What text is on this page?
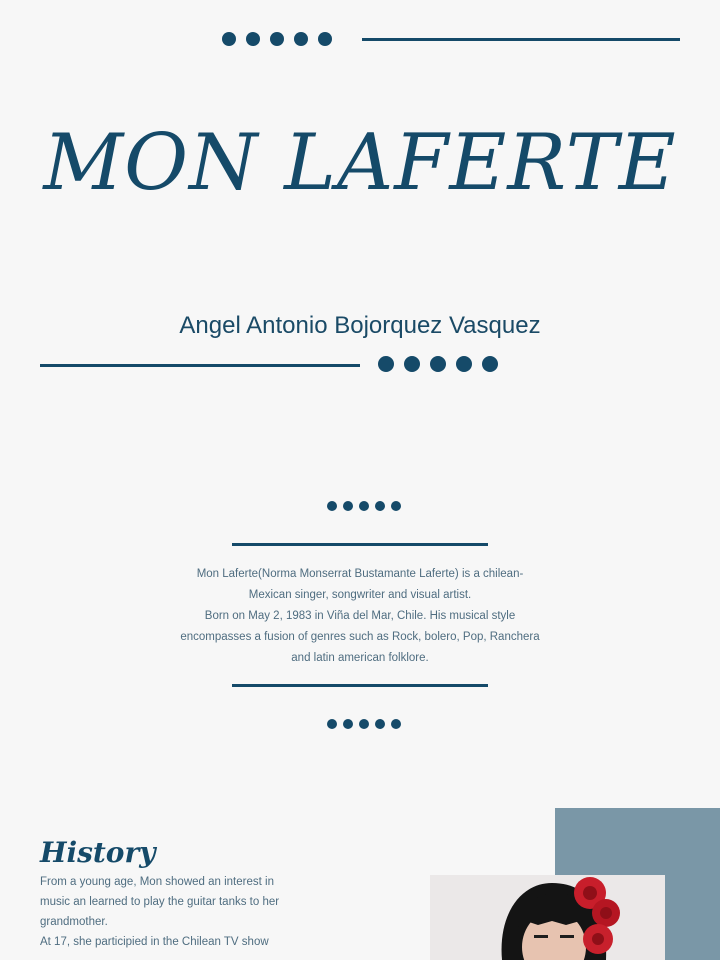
MON LAFERTE
Angel Antonio Bojorquez Vasquez
Mon Laferte(Norma Monserrat Bustamante Laferte) is a chilean-
Mexican singer, songwriter and visual artist.
Born on May 2, 1983 in Viña del Mar, Chile. His musical style
encompasses a fusion of genres such as Rock, bolero, Pop, Ranchera
and latin american folklore.
History
From a young age, Mon showed an interest in
music an learned to play the guitar tanks to her
grandmother.
At 17, she participied in the Chilean TV show
